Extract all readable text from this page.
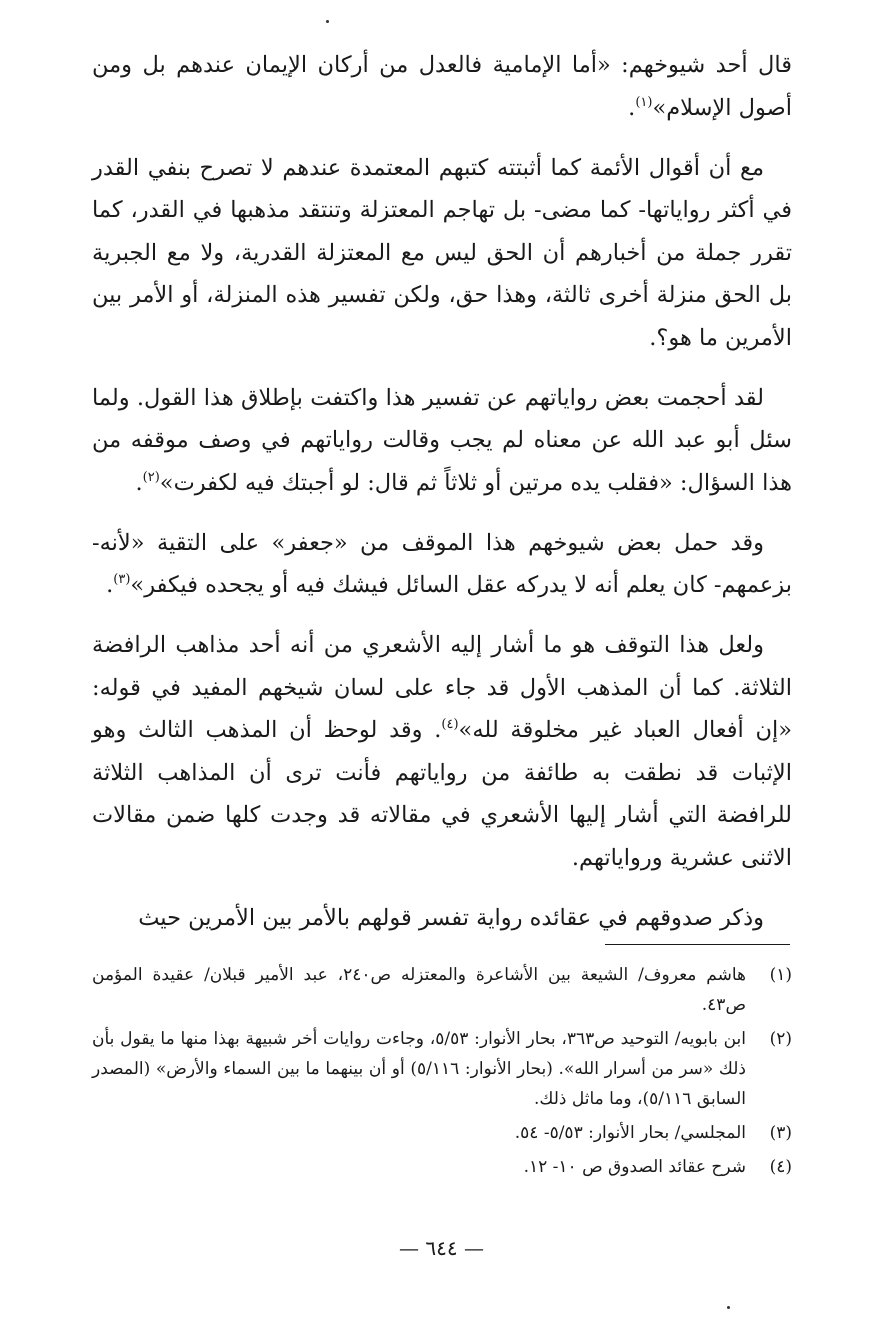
قال أحد شيوخهم: «أما الإمامية فالعدل من أركان الإيمان عندهم بل ومن أصول الإسلام»$^{(١)}$.

مع أن أقوال الأئمة كما أثبتته كتبهم المعتمدة عندهم لا تصرح بنفي القدر في أكثر رواياتها- كما مضى- بل تهاجم المعتزلة وتنتقد مذهبها في القدر، كما تقرر جملة من أخبارهم أن الحق ليس مع المعتزلة القدرية، ولا مع الجبرية بل الحق منزلة أخرى ثالثة، وهذا حق، ولكن تفسير هذه المنزلة، أو الأمر بين الأمرين ما هو؟.

لقد أحجمت بعض رواياتهم عن تفسير هذا واكتفت بإطلاق هذا القول. ولما سئل أبو عبد الله عن معناه لم يجب وقالت رواياتهم في وصف موقفه من هذا السؤال: «فقلب يده مرتين أو ثلاثاً ثم قال: لو أجبتك فيه لكفرت»$^{(٢)}$.

وقد حمل بعض شيوخهم هذا الموقف من «جعفر» على التقية «لأنه- بزعمهم- كان يعلم أنه لا يدركه عقل السائل فيشك فيه أو يجحده فيكفر»$^{(٣)}$.

ولعل هذا التوقف هو ما أشار إليه الأشعري من أنه أحد مذاهب الرافضة الثلاثة. كما أن المذهب الأول قد جاء على لسان شيخهم المفيد في قوله: «إن أفعال العباد غير مخلوقة لله»$^{(٤)}$. وقد لوحظ أن المذهب الثالث وهو الإثبات قد نطقت به طائفة من رواياتهم فأنت ترى أن المذاهب الثلاثة للرافضة التي أشار إليها الأشعري في مقالاته قد وجدت كلها ضمن مقالات الاثنى عشرية ورواياتهم.

وذكر صدوقهم في عقائده رواية تفسر قولهم بالأمر بين الأمرين حيث

(١)
هاشم معروف/ الشيعة بين الأشاعرة والمعتزله ص٢٤٠، عبد الأمير قبلان/ عقيدة المؤمن ص٤٣.
(٢)
ابن بابويه/ التوحيد ص٣٦٣، بحار الأنوار: ٥/٥٣، وجاءت روايات أخر شبيهة بهذا منها ما يقول بأن ذلك «سر من أسرار الله». (بحار الأنوار: ٥/١١٦) أو أن بينهما ما بين السماء والأرض» (المصدر السابق ٥/١١٦)، وما ماثل ذلك.
(٣)
المجلسي/ بحار الأنوار: ٥/٥٣- ٥٤.
(٤)
شرح عقائد الصدوق ص ١٠- ١٢.
— ٦٤٤ —
